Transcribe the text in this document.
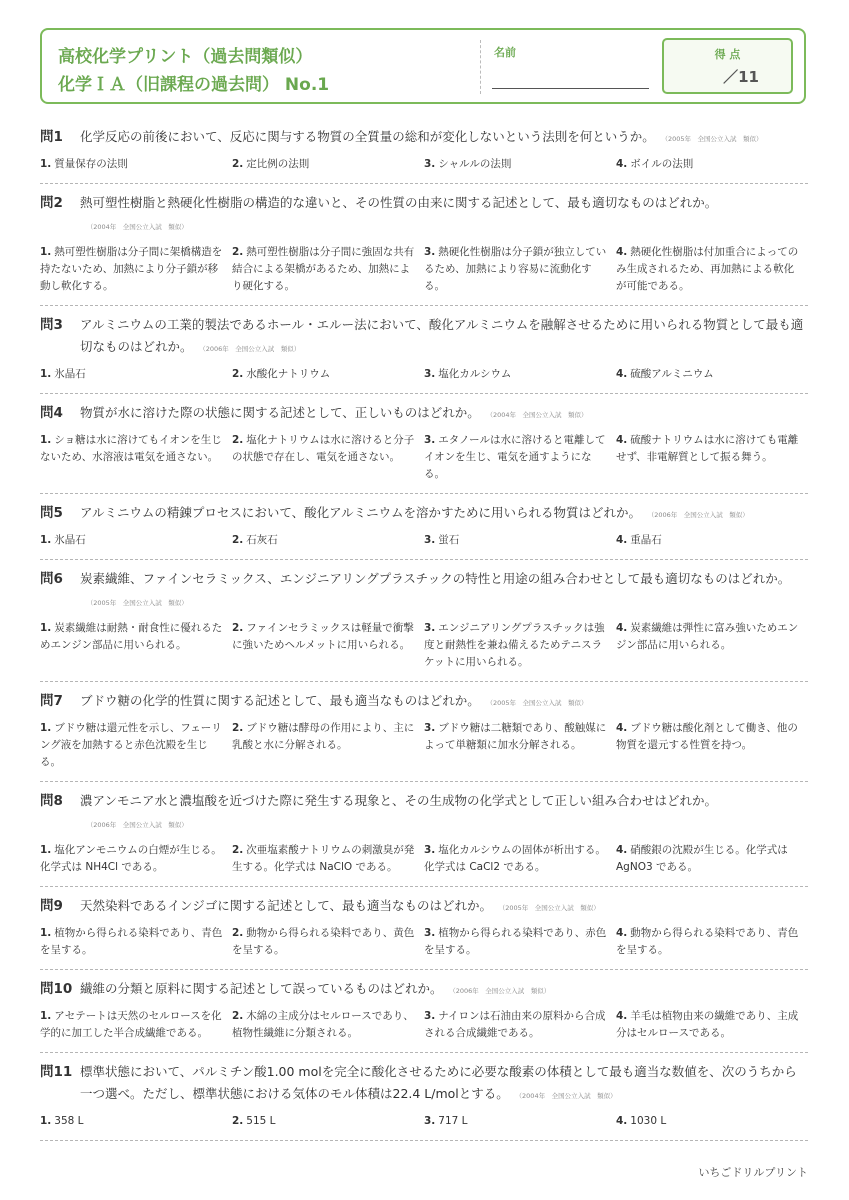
高校化学プリント（過去問類似）
化学ＩＡ（旧課程の過去問） No.1
名前	得 点
／11
問1	化学反応の前後において、反応に関与する物質の全質量の総和が変化しないという法則を何というか。 （2005年　全国公立入試　類似）
1. 質量保存の法則	2. 定比例の法則	3. シャルルの法則	4. ボイルの法則
問2	熱可塑性樹脂と熱硬化性樹脂の構造的な違いと、その性質の由来に関する記述として、最も適切なものはどれか。（2004年　全国公立入試　類似）
1. 熱可塑性樹脂は分子間に架橋構造を持たないため、加熱により分子鎖が移動し軟化する。
2. 熱可塑性樹脂は分子間に強固な共有結合による架橋があるため、加熱により硬化する。
3. 熱硬化性樹脂は分子鎖が独立しているため、加熱により容易に流動化する。
4. 熱硬化性樹脂は付加重合によってのみ生成されるため、再加熱による軟化が可能である。
問3	アルミニウムの工業的製法であるホール・エルー法において、酸化アルミニウムを融解させるために用いられる物質として最も適切なものはどれか。 （2006年　全国公立入試　類似）
1. 氷晶石	2. 水酸化ナトリウム	3. 塩化カルシウム	4. 硫酸アルミニウム
問4	物質が水に溶けた際の状態に関する記述として、正しいものはどれか。 （2004年　全国公立入試　類似）
1. ショ糖は水に溶けてもイオンを生じないため、水溶液は電気を通さない。
2. 塩化ナトリウムは水に溶けると分子の状態で存在し、電気を通さない。
3. エタノールは水に溶けると電離してイオンを生じ、電気を通すようになる。
4. 硫酸ナトリウムは水に溶けても電離せず、非電解質として振る舞う。
問5	アルミニウムの精錬プロセスにおいて、酸化アルミニウムを溶かすために用いられる物質はどれか。 （2006年　全国公立入試　類似）
1. 氷晶石	2. 石灰石	3. 蛍石	4. 重晶石
問6	炭素繊維、ファインセラミックス、エンジニアリングプラスチックの特性と用途の組み合わせとして最も適切なものはどれか。（2005年　全国公立入試　類似）
1. 炭素繊維は耐熱・耐食性に優れるためエンジン部品に用いられる。
2. ファインセラミックスは軽量で衝撃に強いためヘルメットに用いられる。
3. エンジニアリングプラスチックは強度と耐熱性を兼ね備えるためテニスラケットに用いられる。
4. 炭素繊維は弾性に富み強いためエンジン部品に用いられる。
問7	ブドウ糖の化学的性質に関する記述として、最も適当なものはどれか。 （2005年　全国公立入試　類似）
1. ブドウ糖は還元性を示し、フェーリング液を加熱すると赤色沈殿を生じる。
2. ブドウ糖は酵母の作用により、主に乳酸と水に分解される。
3. ブドウ糖は二糖類であり、酸触媒によって単糖類に加水分解される。
4. ブドウ糖は酸化剤として働き、他の物質を還元する性質を持つ。
問8	濃アンモニア水と濃塩酸を近づけた際に発生する現象と、その生成物の化学式として正しい組み合わせはどれか。（2006年　全国公立入試　類似）
1. 塩化アンモニウムの白煙が生じる。化学式は NH4Cl である。
2. 次亜塩素酸ナトリウムの刺激臭が発生する。化学式は NaClO である。
3. 塩化カルシウムの固体が析出する。化学式は CaCl2 である。
4. 硝酸銀の沈殿が生じる。化学式は AgNO3 である。
問9	天然染料であるインジゴに関する記述として、最も適当なものはどれか。 （2005年　全国公立入試　類似）
1. 植物から得られる染料であり、青色を呈する。
2. 動物から得られる染料であり、黄色を呈する。
3. 植物から得られる染料であり、赤色を呈する。
4. 動物から得られる染料であり、青色を呈する。
問10 繊維の分類と原料に関する記述として誤っているものはどれか。 （2006年　全国公立入試　類似）
1. アセテートは天然のセルロースを化学的に加工した半合成繊維である。
2. 木綿の主成分はセルロースであり、植物性繊維に分類される。
3. ナイロンは石油由来の原料から合成される合成繊維である。
4. 羊毛は植物由来の繊維であり、主成分はセルロースである。
問11 標準状態において、パルミチン酸1.00 molを完全に酸化させるために必要な酸素の体積として最も適当な数値を、次のうちから一つ選べ。ただし、標準状態における気体のモル体積は22.4 L/molとする。 （2004年　全国公立入試　類似）
1. 358 L	2. 515 L	3. 717 L	4. 1030 L
いちごドリルプリント
